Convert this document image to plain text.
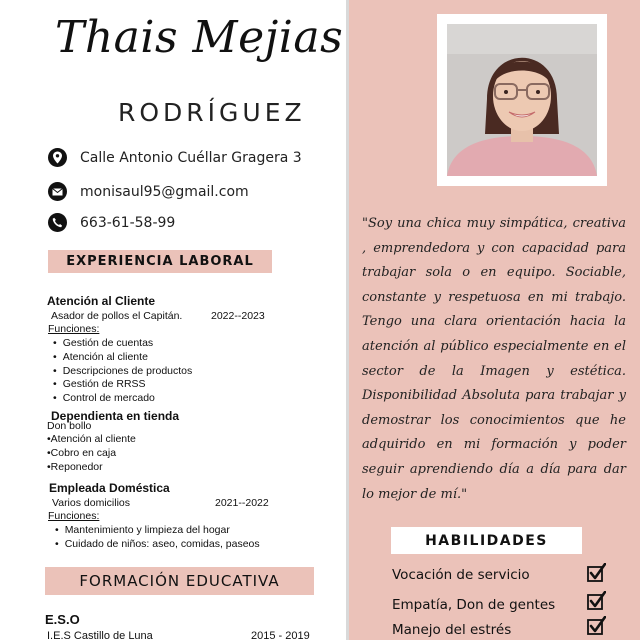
Thais Mejias
RODRÍGUEZ
Calle Antonio Cuéllar Gragera 3
monisaul95@gmail.com
663-61-58-99
EXPERIENCIA LABORAL
Atención al Cliente
Asador de pollos el Capitán.	2022--2023
Funciones:
• Gestión de cuentas
• Atención al cliente
• Descripciones de productos
• Gestión de RRSS
• Control de mercado
Dependienta en tienda
Don bollo
•Atención al cliente
•Cobro en caja
•Reponedor
Empleada Doméstica
Varios domicilios	2021--2022
Funciones:
• Mantenimiento y limpieza del hogar
• Cuidado de niños: aseo, comidas, paseos
FORMACIÓN EDUCATIVA
E.S.O
I.E.S Castillo de Luna	2015 - 2019
"Soy una chica muy simpática, creativa , emprendedora y con capacidad para trabajar sola o en equipo. Sociable, constante y respetuosa en mi trabajo. Tengo una clara orientación hacia la atención al público especialmente en el sector de la Imagen y estética. Disponibilidad Absoluta para trabajar y demostrar los conocimientos que he adquirido en mi formación y poder seguir aprendiendo día a día para dar lo mejor de mí."
HABILIDADES
Vocación de servicio
Empatía, Don de gentes
Manejo del estrés
